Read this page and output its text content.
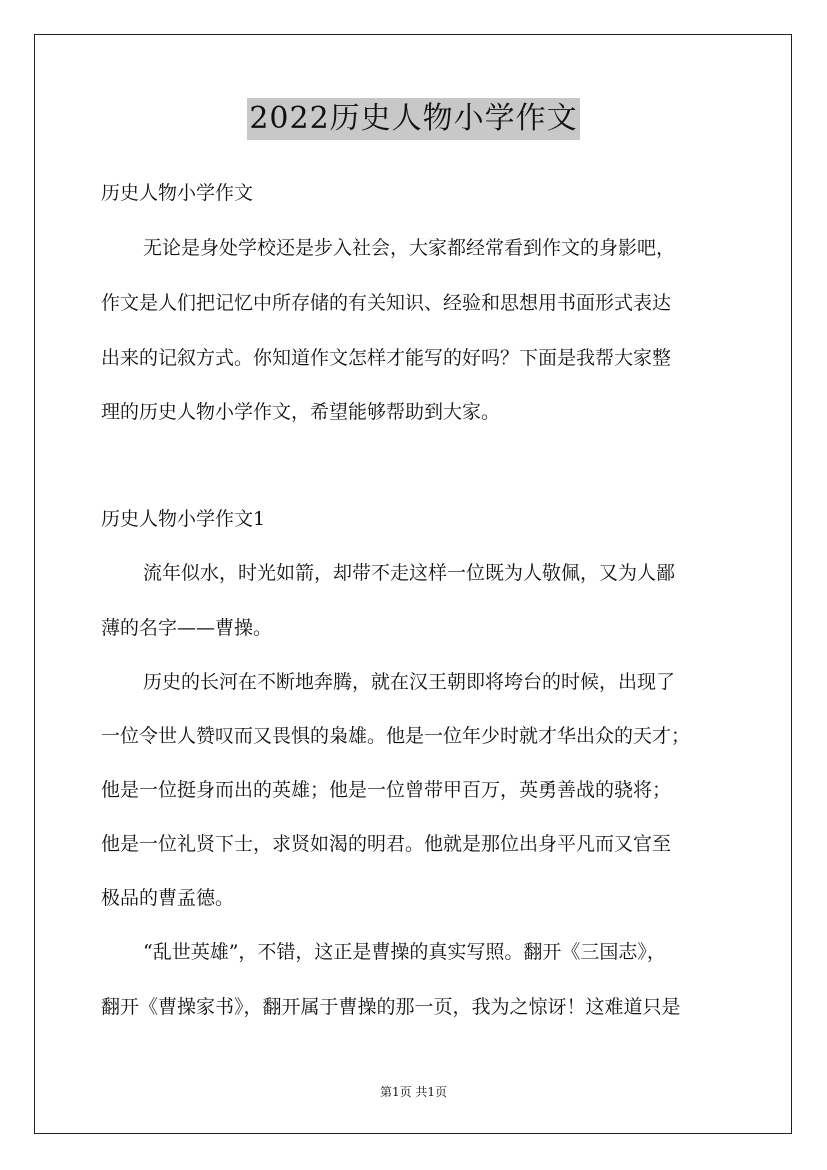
2022历史人物小学作文
历史人物小学作文
无论是身处学校还是步入社会，大家都经常看到作文的身影吧，
作文是人们把记忆中所存储的有关知识、经验和思想用书面形式表达
出来的记叙方式。你知道作文怎样才能写的好吗？下面是我帮大家整
理的历史人物小学作文，希望能够帮助到大家。
历史人物小学作文1
流年似水，时光如箭，却带不走这样一位既为人敬佩，又为人鄙
薄的名字——曹操。
历史的长河在不断地奔腾，就在汉王朝即将垮台的时候，出现了
一位令世人赞叹而又畏惧的枭雄。他是一位年少时就才华出众的天才；
他是一位挺身而出的英雄；他是一位曾带甲百万，英勇善战的骁将；
他是一位礼贤下士，求贤如渴的明君。他就是那位出身平凡而又官至
极品的曹孟德。
“乱世英雄”，不错，这正是曹操的真实写照。翻开《三国志》，
翻开《曹操家书》，翻开属于曹操的那一页，我为之惊讶！这难道只是
第1页 共1页
